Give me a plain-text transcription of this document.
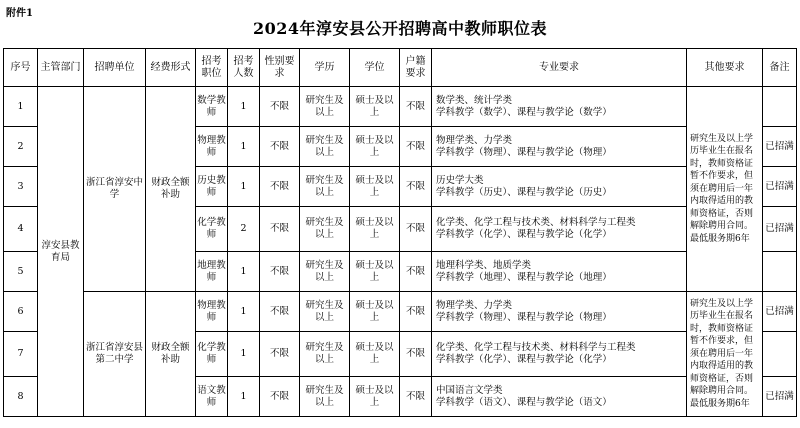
附件1
2024年淳安县公开招聘高中教师职位表
序号	主管部门	招聘单位	经费形式	招考职位	招考人数	性别要求	学历	学位	户籍要求	专业要求	其他要求	备注
1	淳安县教育局	浙江省淳安中学	财政全额补助	数学教师	1	不限	研究生及以上	硕士及以上	不限	数学类、统计学类
学科教学（数学）、课程与教学论（数学）	研究生及以上学历毕业生在报名时，教师资格证暂不作要求，但须在聘用后一年内取得适用的教师资格证，否则解除聘用合同。最低服务期6年	
2				物理教师	1	不限	研究生及以上	硕士及以上	不限	物理学类、力学类
学科教学（物理）、课程与教学论（物理）		已招满
3				历史教师	1	不限	研究生及以上	硕士及以上	不限	历史学大类
学科教学（历史）、课程与教学论（历史）		已招满
4				化学教师	2	不限	研究生及以上	硕士及以上	不限	化学类、化学工程与技术类、材料科学与工程类
学科教学（化学）、课程与教学论（化学）		已招满
5				地理教师	1	不限	研究生及以上	硕士及以上	不限	地理科学类、地质学类
学科教学（地理）、课程与教学论（地理）		

6		浙江省淳安县第二中学	财政全额补助	物理教师	1	不限	研究生及以上	硕士及以上	不限	物理学类、力学类
学科教学（物理）、课程与教学论（物理）	研究生及以上学历毕业生在报名时，教师资格证暂不作要求，但须在聘用后一年内取得适用的教师资格证，否则解除聘用合同。最低服务期6年	已招满
7				化学教师	1	不限	研究生及以上	硕士及以上	不限	化学类、化学工程与技术类、材料科学与工程类
学科教学（化学）、课程与教学论（化学）		

8				语文教师	1	不限	研究生及以上	硕士及以上	不限	中国语言文学类
学科教学（语文）、课程与教学论（语文）		已招满
